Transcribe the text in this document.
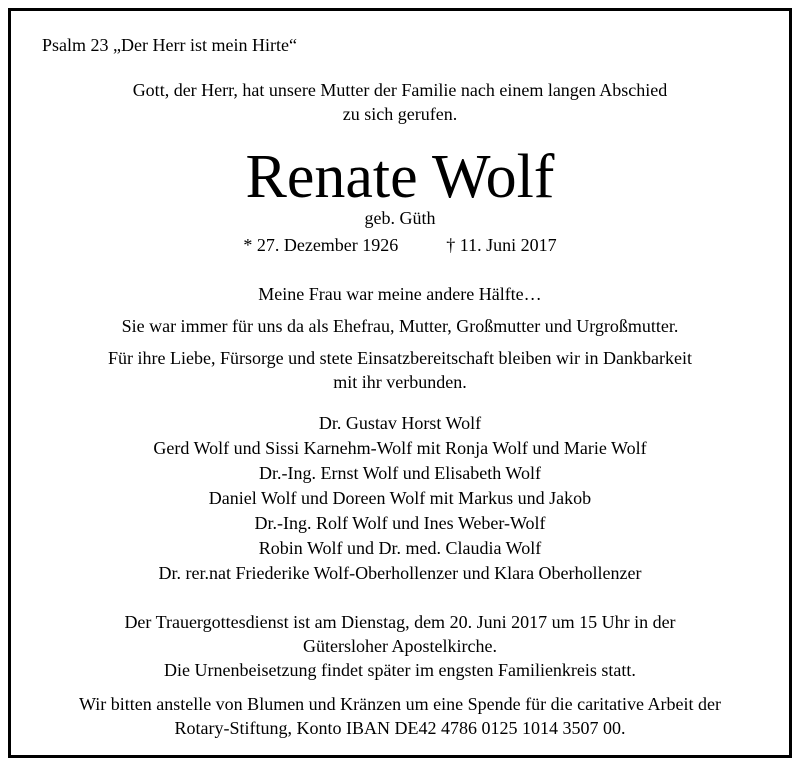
Psalm 23 „Der Herr ist mein Hirte“
Gott, der Herr, hat unsere Mutter der Familie nach einem langen Abschied
zu sich gerufen.
Renate Wolf
geb. Güth
* 27. Dezember 1926	† 11. Juni 2017
Meine Frau war meine andere Hälfte…
Sie war immer für uns da als Ehefrau, Mutter, Großmutter und Urgroßmutter.
Für ihre Liebe, Fürsorge und stete Einsatzbereitschaft bleiben wir in Dankbarkeit
mit ihr verbunden.
Dr. Gustav Horst Wolf
Gerd Wolf und Sissi Karnehm-Wolf mit Ronja Wolf und Marie Wolf
Dr.-Ing. Ernst Wolf und Elisabeth Wolf
Daniel Wolf und Doreen Wolf mit Markus und Jakob
Dr.-Ing. Rolf Wolf und Ines Weber-Wolf
Robin Wolf und Dr. med. Claudia Wolf
Dr. rer.nat Friederike Wolf-Oberhollenzer und Klara Oberhollenzer
Der Trauergottesdienst ist am Dienstag, dem 20. Juni 2017 um 15 Uhr in der
Gütersloher Apostelkirche.
Die Urnenbeisetzung findet später im engsten Familienkreis statt.
Wir bitten anstelle von Blumen und Kränzen um eine Spende für die caritative Arbeit der
Rotary-Stiftung, Konto IBAN DE42 4786 0125 1014 3507 00.
